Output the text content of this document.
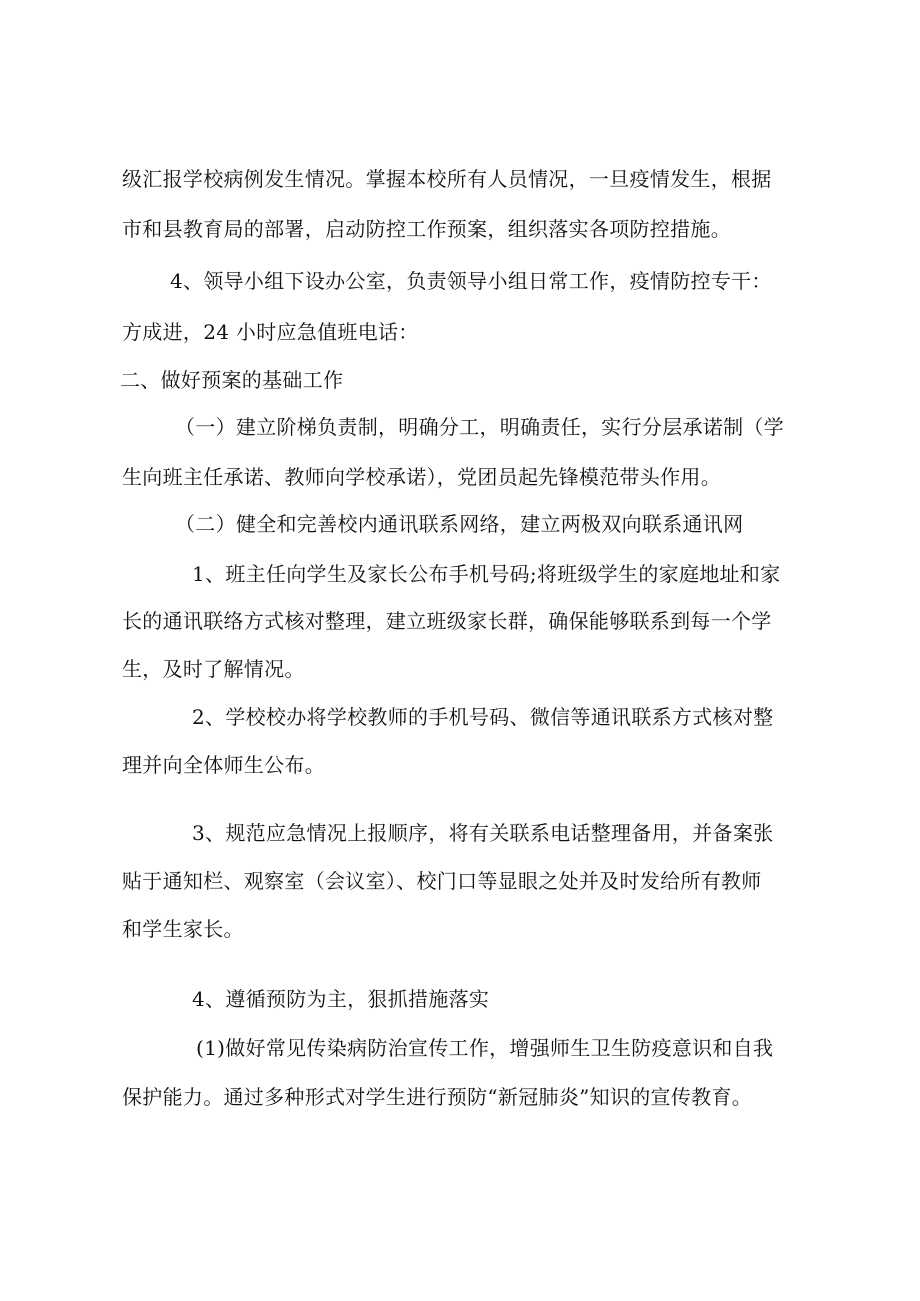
级汇报学校病例发生情况。掌握本校所有人员情况，一旦疫情发生，根据
市和县教育局的部署，启动防控工作预案，组织落实各项防控措施。
4、领导小组下设办公室，负责领导小组日常工作，疫情防控专干：
方成进，24 小时应急值班电话：
二、做好预案的基础工作
（一）建立阶梯负责制，明确分工，明确责任，实行分层承诺制（学
生向班主任承诺、教师向学校承诺），党团员起先锋模范带头作用。
（二）健全和完善校内通讯联系网络，建立两极双向联系通讯网
1、班主任向学生及家长公布手机号码;将班级学生的家庭地址和家
长的通讯联络方式核对整理，建立班级家长群，确保能够联系到每一个学
生，及时了解情况。
2、学校校办将学校教师的手机号码、微信等通讯联系方式核对整
理并向全体师生公布。
3、规范应急情况上报顺序，将有关联系电话整理备用，并备案张
贴于通知栏、观察室（会议室）、校门口等显眼之处并及时发给所有教师
和学生家长。
4、遵循预防为主，狠抓措施落实
(1)做好常见传染病防治宣传工作，增强师生卫生防疫意识和自我
保护能力。通过多种形式对学生进行预防“新冠肺炎”知识的宣传教育。
